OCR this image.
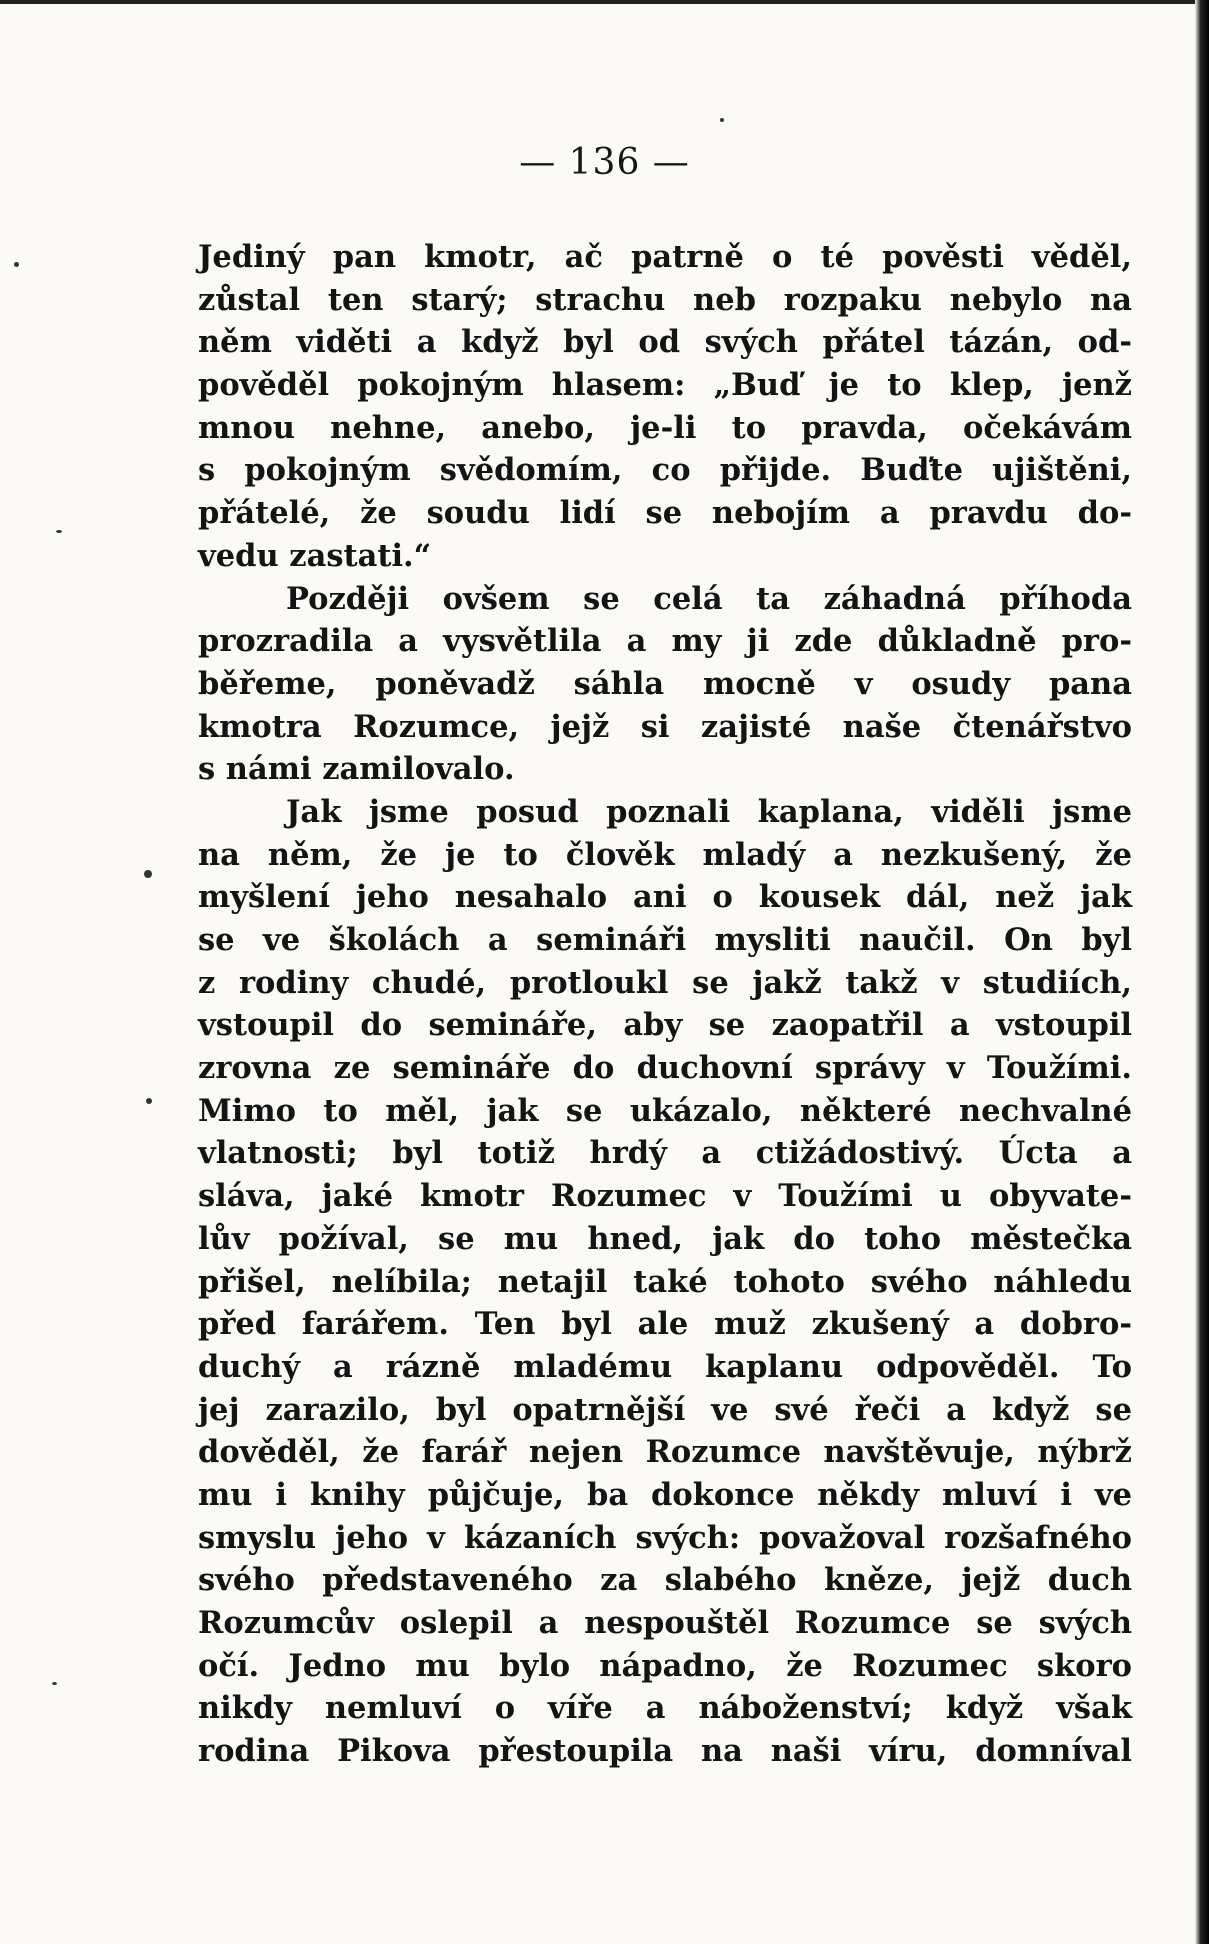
— 136 —
Jediný pan kmotr, ač patrně o té pověsti věděl,
zůstal ten starý; strachu neb rozpaku nebylo na
něm viděti a když byl od svých přátel tázán, od-
pověděl pokojným hlasem: „Buď je to klep, jenž
mnou nehne, anebo, je-li to pravda, očekávám
s pokojným svědomím, co přijde. Buďte ujištěni,
přátelé, že soudu lidí se nebojím a pravdu do-
vedu zastati.“
Později ovšem se celá ta záhadná příhoda
prozradila a vysvětlila a my ji zde důkladně pro-
běřeme, poněvadž sáhla mocně v osudy pana
kmotra Rozumce, jejž si zajisté naše čtenářstvo
s námi zamilovalo.
Jak jsme posud poznali kaplana, viděli jsme
na něm, že je to člověk mladý a nezkušený, že
myšlení jeho nesahalo ani o kousek dál, než jak
se ve školách a semináři mysliti naučil. On byl
z rodiny chudé, protloukl se jakž takž v studiích,
vstoupil do semináře, aby se zaopatřil a vstoupil
zrovna ze semináře do duchovní správy v Toužími.
Mimo to měl, jak se ukázalo, některé nechvalné
vlatnosti; byl totiž hrdý a ctižádostivý. Úcta a
sláva, jaké kmotr Rozumec v Toužími u obyvate-
lův požíval, se mu hned, jak do toho městečka
přišel, nelíbila; netajil také tohoto svého náhledu
před farářem. Ten byl ale muž zkušený a dobro-
duchý a rázně mladému kaplanu odpověděl. To
jej zarazilo, byl opatrnější ve své řeči a když se
dověděl, že farář nejen Rozumce navštěvuje, nýbrž
mu i knihy půjčuje, ba dokonce někdy mluví i ve
smyslu jeho v kázaních svých: považoval rozšafného
svého představeného za slabého kněze, jejž duch
Rozumcův oslepil a nespouštěl Rozumce se svých
očí. Jedno mu bylo nápadno, že Rozumec skoro
nikdy nemluví o víře a náboženství; když však
rodina Pikova přestoupila na naši víru, domníval
